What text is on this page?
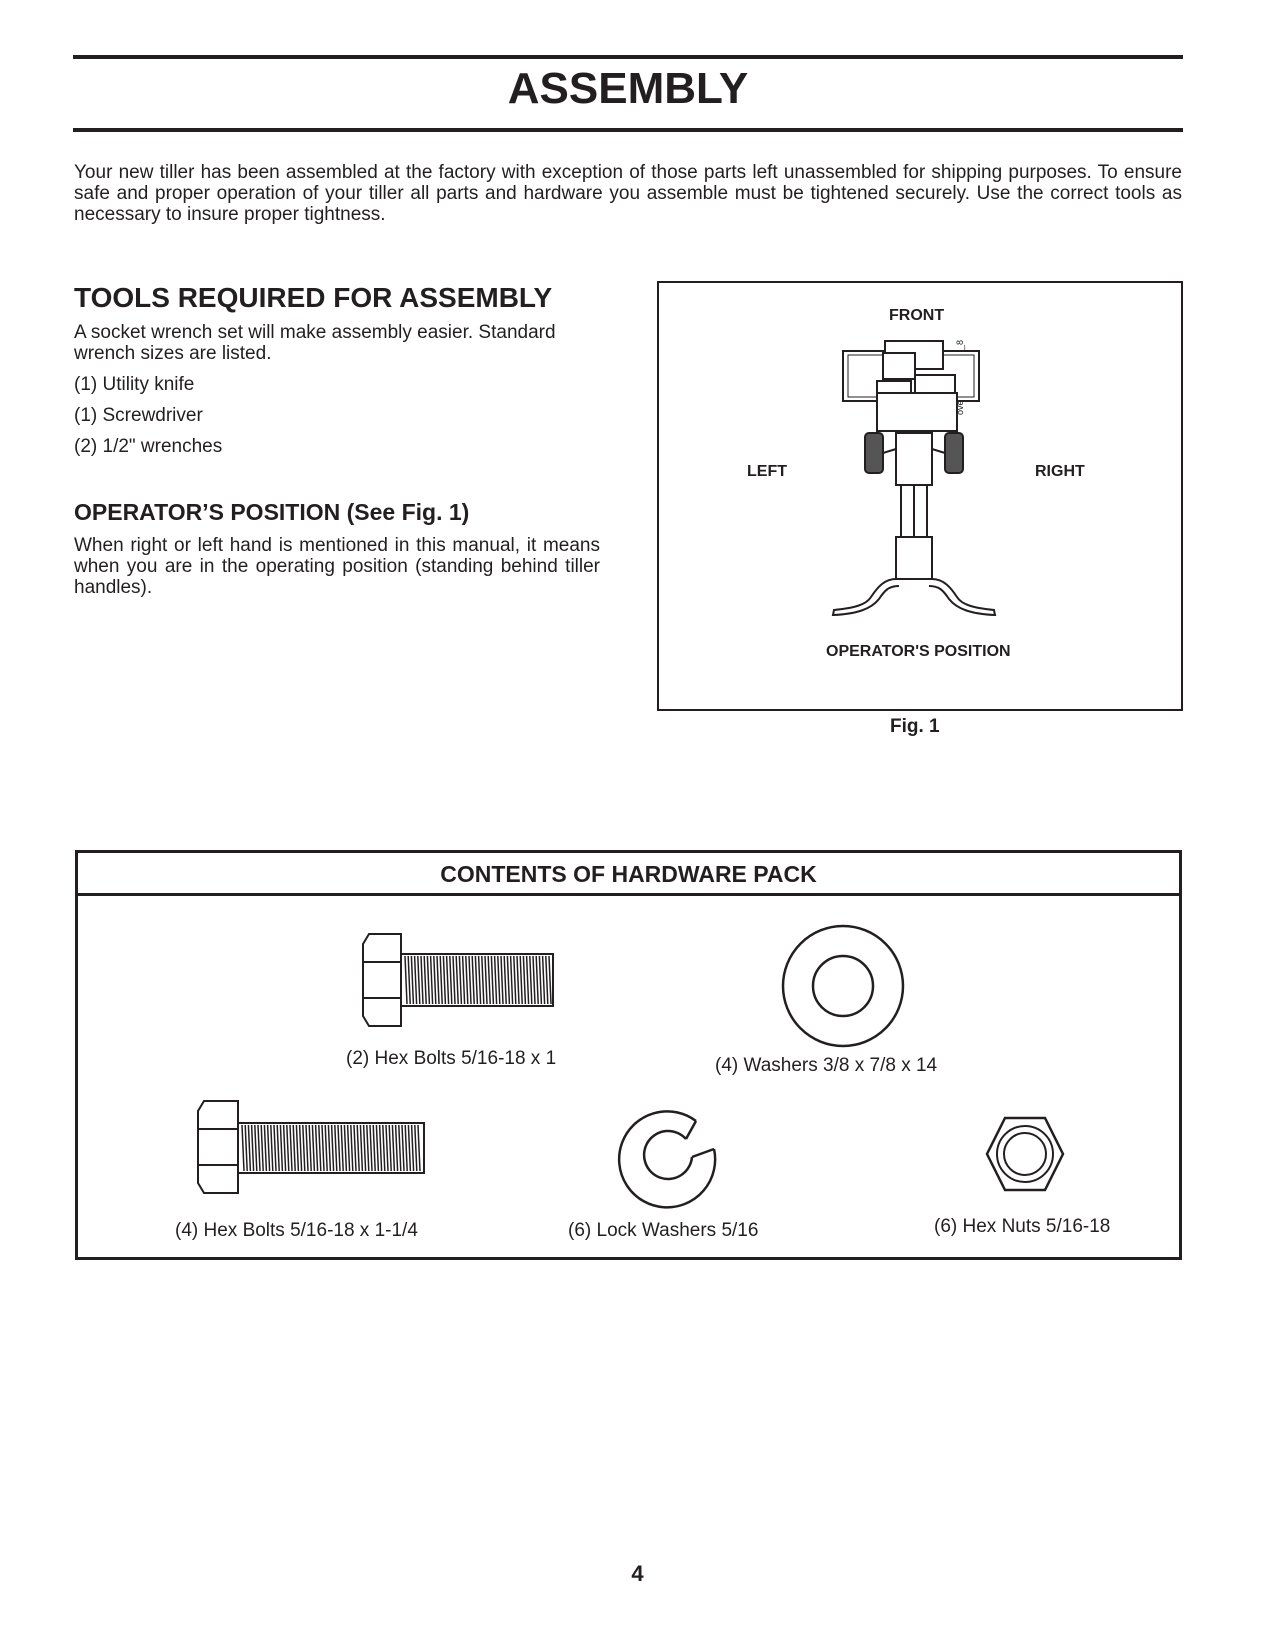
ASSEMBLY

Your new tiller has been assembled at the factory with exception of those parts left unassembled for shipping purposes. To ensure safe and proper operation of your tiller all parts and hardware you assemble must be tightened securely. Use the correct tools as necessary to insure proper tightness.

TOOLS REQUIRED FOR ASSEMBLY

A socket wrench set will make assembly easier. Standard wrench sizes are listed.

(1) Utility knife
(1) Screwdriver
(2) 1/2" wrenches
OPERATOR’S POSITION (See Fig. 1)

When right or left hand is mentioned in this manual, it means when you are in the operating position (standing behind tiller handles).

FRONT
LEFT	RIGHT
OPERATOR'S POSITION
Fig. 1
CONTENTS OF HARDWARE PACK
(2) Hex Bolts 5/16-18 x 1	(4) Washers 3/8 x 7/8 x 14
(4) Hex Bolts 5/16-18 x 1-1/4	(6) Lock Washers 5/16	(6) Hex Nuts 5/16-18
4
